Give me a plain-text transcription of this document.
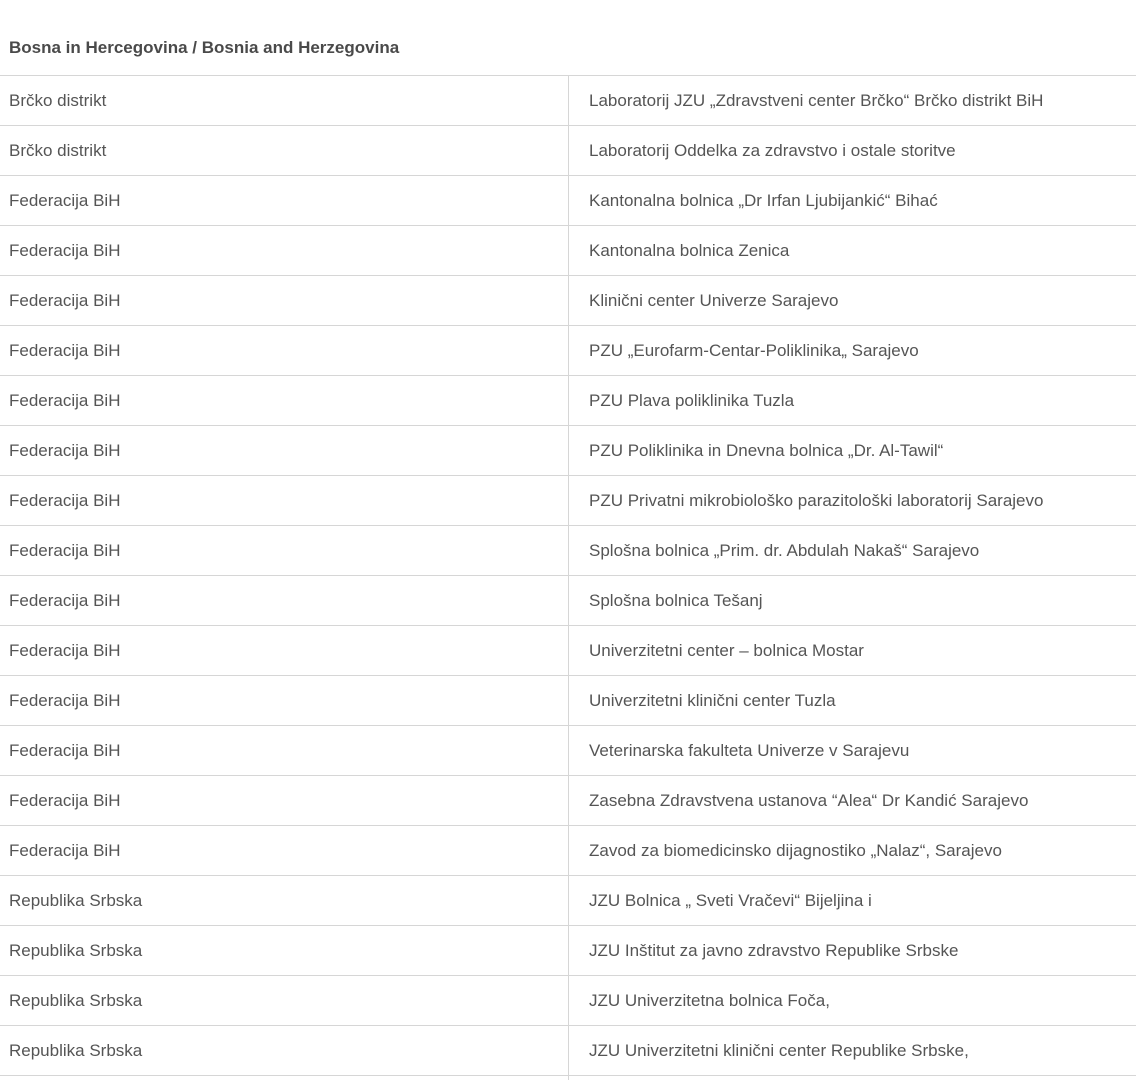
Bosna in Hercegovina / Bosnia and Herzegovina
Brčko distrikt	Laboratorij JZU „Zdravstveni center Brčko“ Brčko distrikt BiH
Brčko distrikt	Laboratorij Oddelka za zdravstvo i ostale storitve
Federacija BiH	Kantonalna bolnica „Dr Irfan Ljubijankić“ Bihać
Federacija BiH	Kantonalna bolnica Zenica
Federacija BiH	Klinični center Univerze Sarajevo
Federacija BiH	PZU „Eurofarm-Centar-Poliklinika„ Sarajevo
Federacija BiH	PZU Plava poliklinika Tuzla
Federacija BiH	PZU Poliklinika in Dnevna bolnica „Dr. Al-Tawil“
Federacija BiH	PZU Privatni mikrobiološko parazitološki laboratorij Sarajevo
Federacija BiH	Splošna bolnica „Prim. dr. Abdulah Nakaš“ Sarajevo
Federacija BiH	Splošna bolnica Tešanj
Federacija BiH	Univerzitetni center – bolnica Mostar
Federacija BiH	Univerzitetni klinični center Tuzla
Federacija BiH	Veterinarska fakulteta Univerze v Sarajevu
Federacija BiH	Zasebna Zdravstvena ustanova “Alea“ Dr Kandić Sarajevo
Federacija BiH	Zavod za biomedicinsko dijagnostiko „Nalaz“, Sarajevo
Republika Srbska	JZU Bolnica „ Sveti Vračevi“ Bijeljina i
Republika Srbska	JZU Inštitut za javno zdravstvo Republike Srbske
Republika Srbska	JZU Univerzitetna bolnica Foča,
Republika Srbska	JZU Univerzitetni klinični center Republike Srbske,
